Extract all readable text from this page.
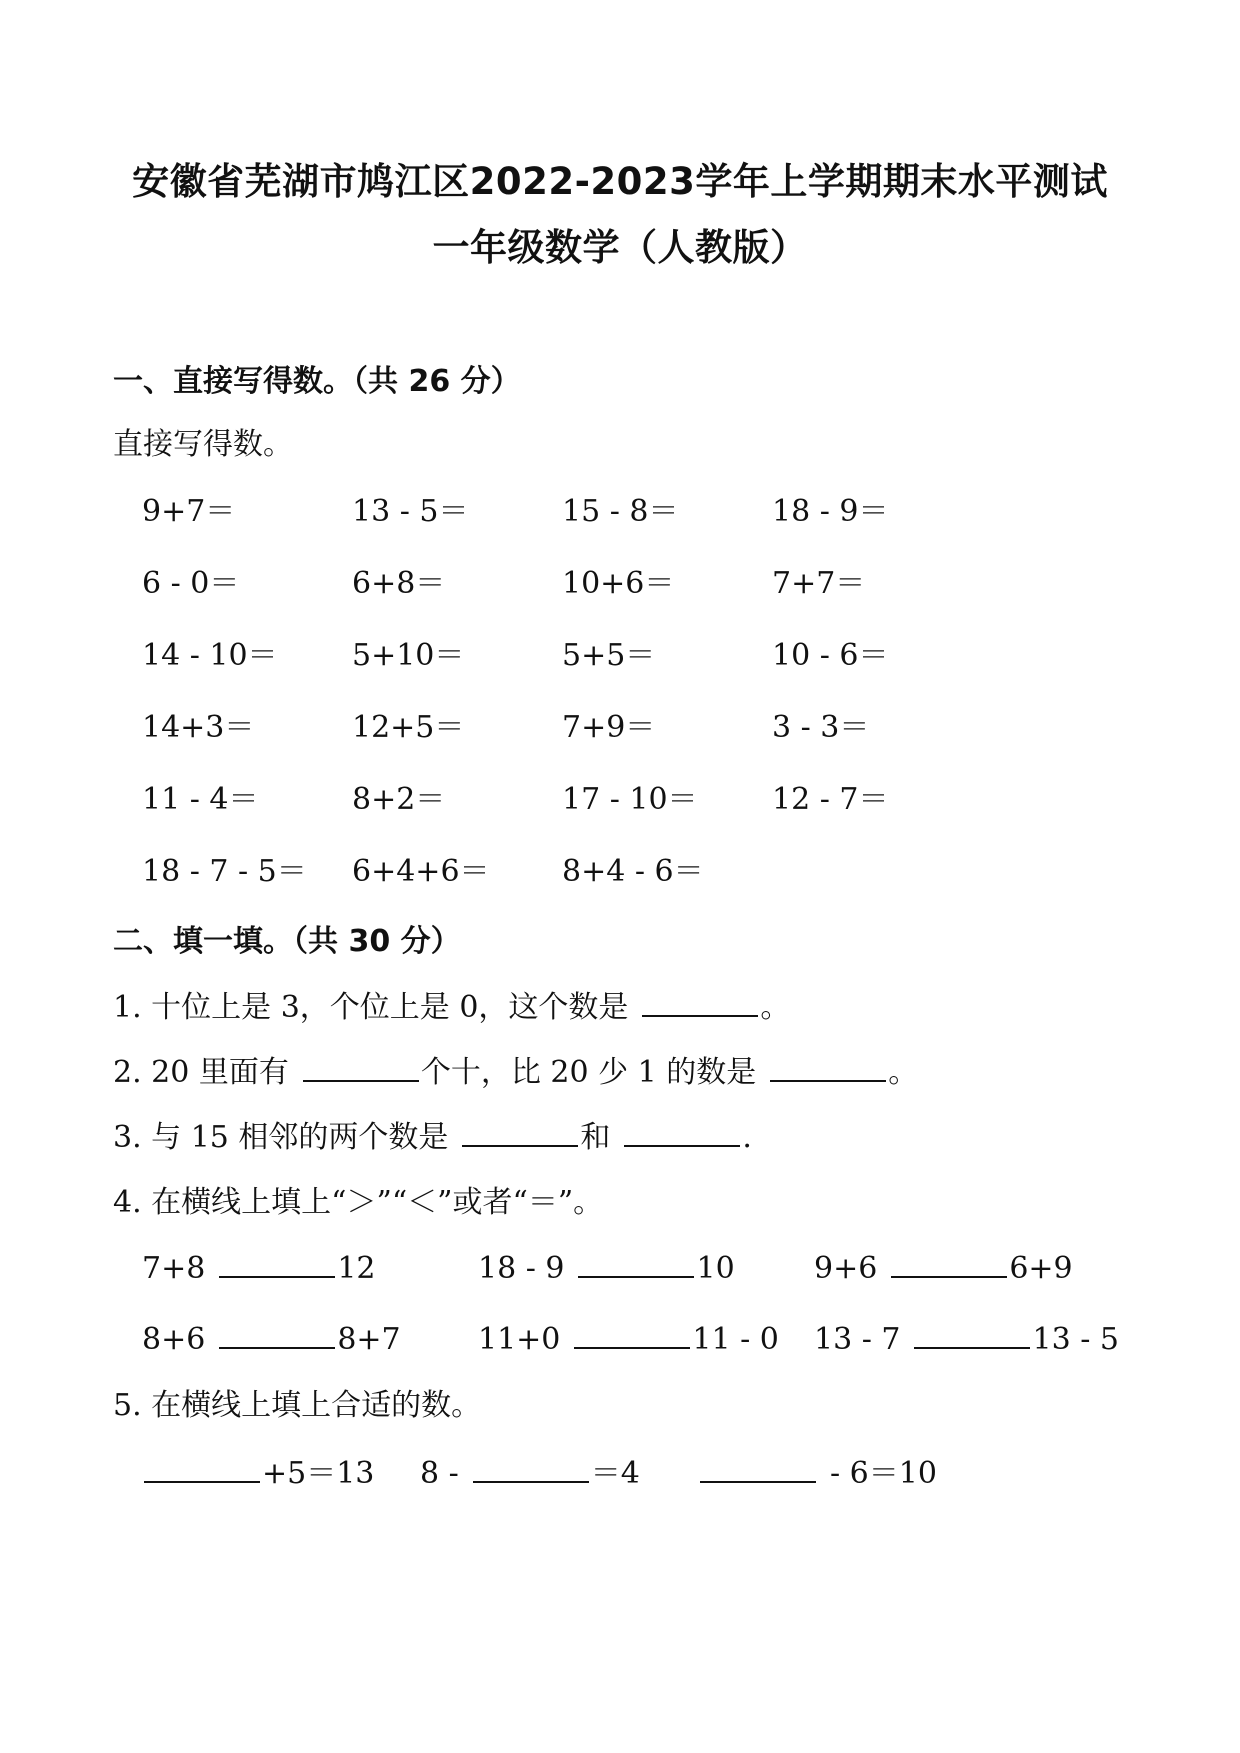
安徽省芜湖市鸠江区2022-2023学年上学期期末水平测试
一年级数学（人教版）
一、直接写得数。（共 26 分）
直接写得数。
9+7＝	13 - 5＝	15 - 8＝	18 - 9＝
6 - 0＝	6+8＝	10+6＝	7+7＝
14 - 10＝ 5+10＝	5+5＝	10 - 6＝
14+3＝	12+5＝	7+9＝	3 - 3＝
11 - 4＝	8+2＝	17 - 10＝ 12 - 7＝
18 - 7 - 5＝ 6+4+6＝ 8+4 - 6＝
二、填一填。（共 30 分）
1. 十位上是 3，个位上是 0，这个数是	。
2. 20 里面有	个十，比 20 少 1 的数是	。
3. 与 15 相邻的两个数是	和	.
4. 在横线上填上“＞”“＜”或者“＝”。
7+8	12	18 - 9	10	9+6	6+9
8+6	8+7	11+0	11 - 0 13 - 7	13 - 5
5. 在横线上填上合适的数。
+5＝13 8 -	＝4	- 6＝10
